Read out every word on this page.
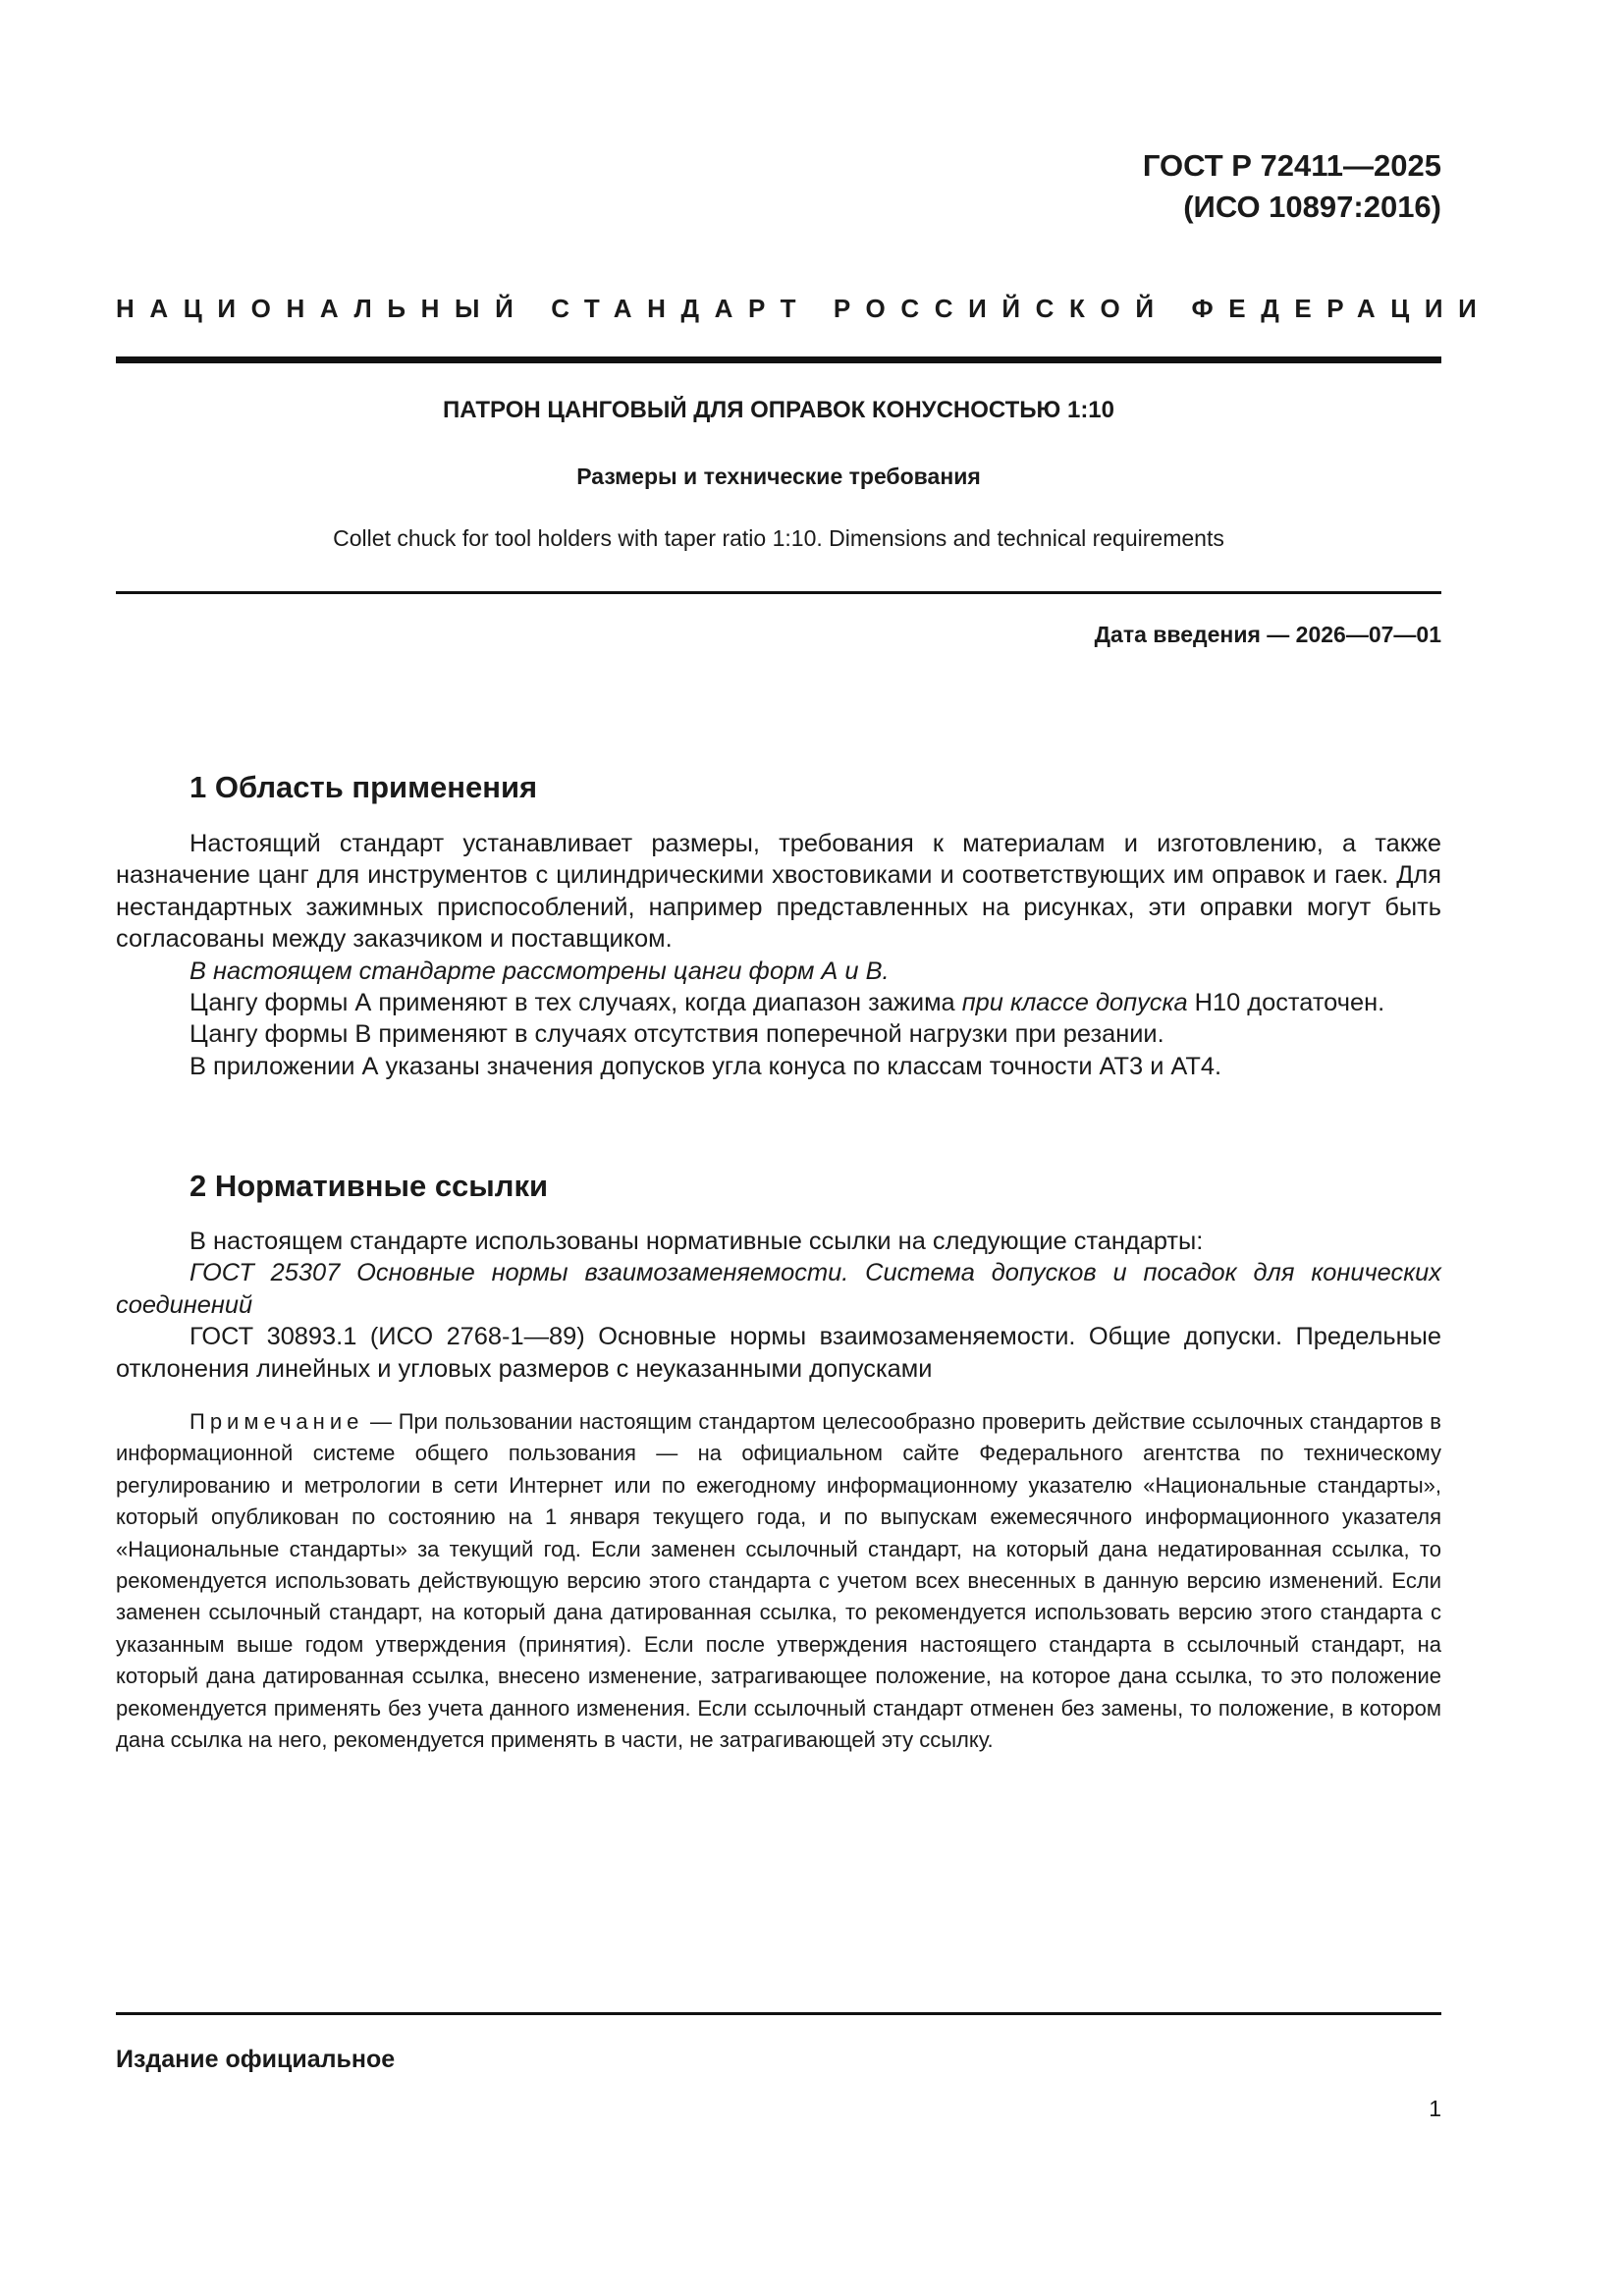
ГОСТ Р 72411—2025
(ИСО 10897:2016)
НАЦИОНАЛЬНЫЙ СТАНДАРТ РОССИЙСКОЙ ФЕДЕРАЦИИ
ПАТРОН ЦАНГОВЫЙ ДЛЯ ОПРАВОК КОНУСНОСТЬЮ 1:10
Размеры и технические требования
Collet chuck for tool holders with taper ratio 1:10. Dimensions and technical requirements
Дата введения — 2026—07—01
1 Область применения

Настоящий стандарт устанавливает размеры, требования к материалам и изготовлению, а также назначение цанг для инструментов с цилиндрическими хвостовиками и соответствующих им оправок и гаек. Для нестандартных зажимных приспособлений, например представленных на рисунках, эти оправки могут быть согласованы между заказчиком и поставщиком.

В настоящем стандарте рассмотрены цанги форм А и В.

Цангу формы А применяют в тех случаях, когда диапазон зажима при классе допуска H10 достаточен.

Цангу формы В применяют в случаях отсутствия поперечной нагрузки при резании.

В приложении А указаны значения допусков угла конуса по классам точности АТ3 и АТ4.

2 Нормативные ссылки

В настоящем стандарте использованы нормативные ссылки на следующие стандарты:

ГОСТ 25307 Основные нормы взаимозаменяемости. Система допусков и посадок для конических соединений

ГОСТ 30893.1 (ИСО 2768-1—89) Основные нормы взаимозаменяемости. Общие допуски. Предельные отклонения линейных и угловых размеров с неуказанными допусками

Примечание — При пользовании настоящим стандартом целесообразно проверить действие ссылочных стандартов в информационной системе общего пользования — на официальном сайте Федерального агентства по техническому регулированию и метрологии в сети Интернет или по ежегодному информационному указателю «Национальные стандарты», который опубликован по состоянию на 1 января текущего года, и по выпускам ежемесячного информационного указателя «Национальные стандарты» за текущий год. Если заменен ссылочный стандарт, на который дана недатированная ссылка, то рекомендуется использовать действующую версию этого стандарта с учетом всех внесенных в данную версию изменений. Если заменен ссылочный стандарт, на который дана датированная ссылка, то рекомендуется использовать версию этого стандарта с указанным выше годом утверждения (принятия). Если после утверждения настоящего стандарта в ссылочный стандарт, на который дана датированная ссылка, внесено изменение, затрагивающее положение, на которое дана ссылка, то это положение рекомендуется применять без учета данного изменения. Если ссылочный стандарт отменен без замены, то положение, в котором дана ссылка на него, рекомендуется применять в части, не затрагивающей эту ссылку.

Издание официальное
1
